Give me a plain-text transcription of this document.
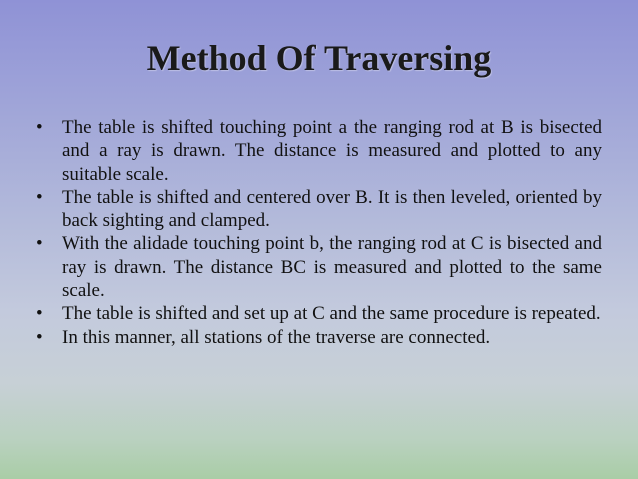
Method Of Traversing
• The table is shifted touching point a the ranging rod at B is bisected and a ray is drawn. The distance is measured and plotted to any suitable scale.
• The table is shifted and centered over B. It is then leveled, oriented by back sighting and clamped.
• With the alidade touching point b, the ranging rod at C is bisected and ray is drawn. The distance BC is measured and plotted to the same scale.
• The table is shifted and set up at C and the same procedure is repeated.
• In this manner, all stations of the traverse are connected.
